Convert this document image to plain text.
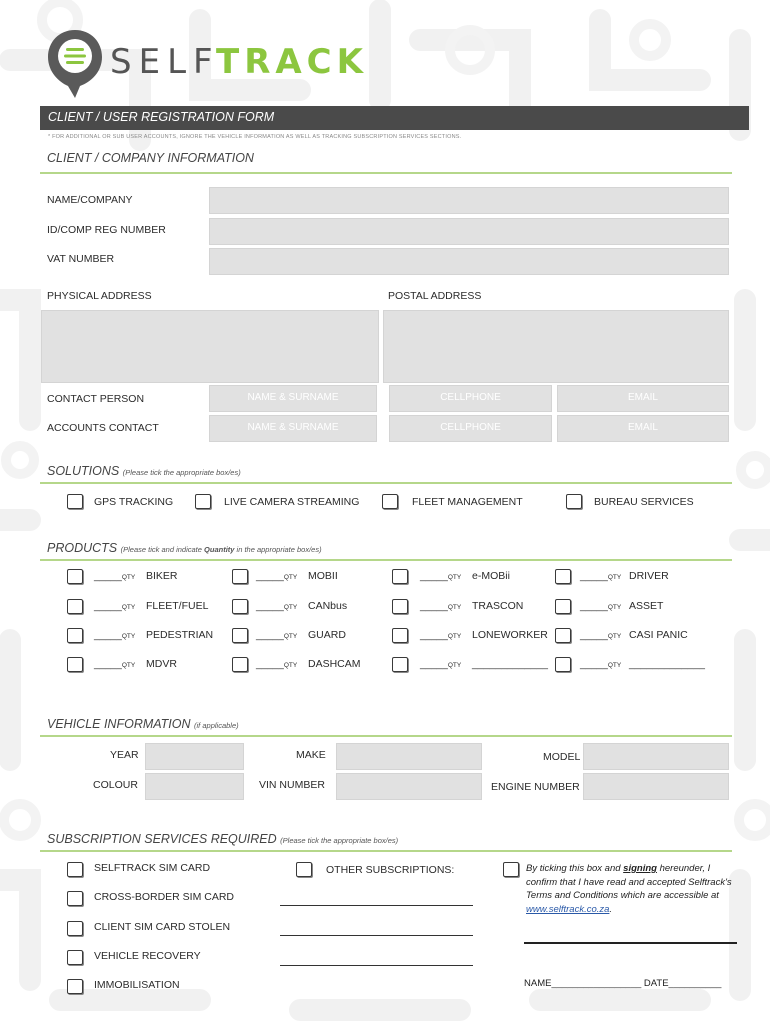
SELF
TRACK
CLIENT / USER REGISTRATION FORM
* FOR ADDITIONAL OR SUB USER ACCOUNTS, IGNORE THE VEHICLE INFORMATION AS WELL AS TRACKING SUBSCRIPTION SERVICES SECTIONS.
CLIENT / COMPANY INFORMATION
NAME/COMPANY
ID/COMP REG NUMBER
VAT NUMBER
PHYSICAL ADDRESS	POSTAL ADDRESS
CONTACT PERSON	NAME & SURNAME	CELLPHONE	EMAIL
ACCOUNTS CONTACT	NAME & SURNAME	CELLPHONE	EMAIL
SOLUTIONS (Please tick the appropriate box/es)
GPS TRACKING	LIVE CAMERA STREAMING	FLEET MANAGEMENT	BUREAU SERVICES
PRODUCTS (Please tick and indicate Quantity in the appropriate box/es)
_____QTY BIKER	_____QTY MOBII	_____QTY e-MOBii	_____QTY DRIVER
_____QTY FLEET/FUEL	_____QTY CANbus	_____QTY TRASCON	_____QTY ASSET
_____QTY PEDESTRIAN	_____QTY GUARD	_____QTY LONEWORKER	_____QTY CASI PANIC
_____QTY MDVR	_____QTY DASHCAM	_____QTY _____________	_____QTY _____________
VEHICLE INFORMATION (if applicable)
YEAR	MAKE	MODEL
COLOUR	VIN NUMBER	ENGINE NUMBER
SUBSCRIPTION SERVICES REQUIRED (Please tick the appropriate box/es)
SELFTRACK SIM CARD
CROSS-BORDER SIM CARD
CLIENT SIM CARD STOLEN
VEHICLE RECOVERY
IMMOBILISATION
OTHER SUBSCRIPTIONS:	By ticking this box and signing hereunder, I confirm that I have read and accepted Selftrack's Terms and Conditions which are accessible at www.selftrack.co.za.
NAME_________________ DATE__________
